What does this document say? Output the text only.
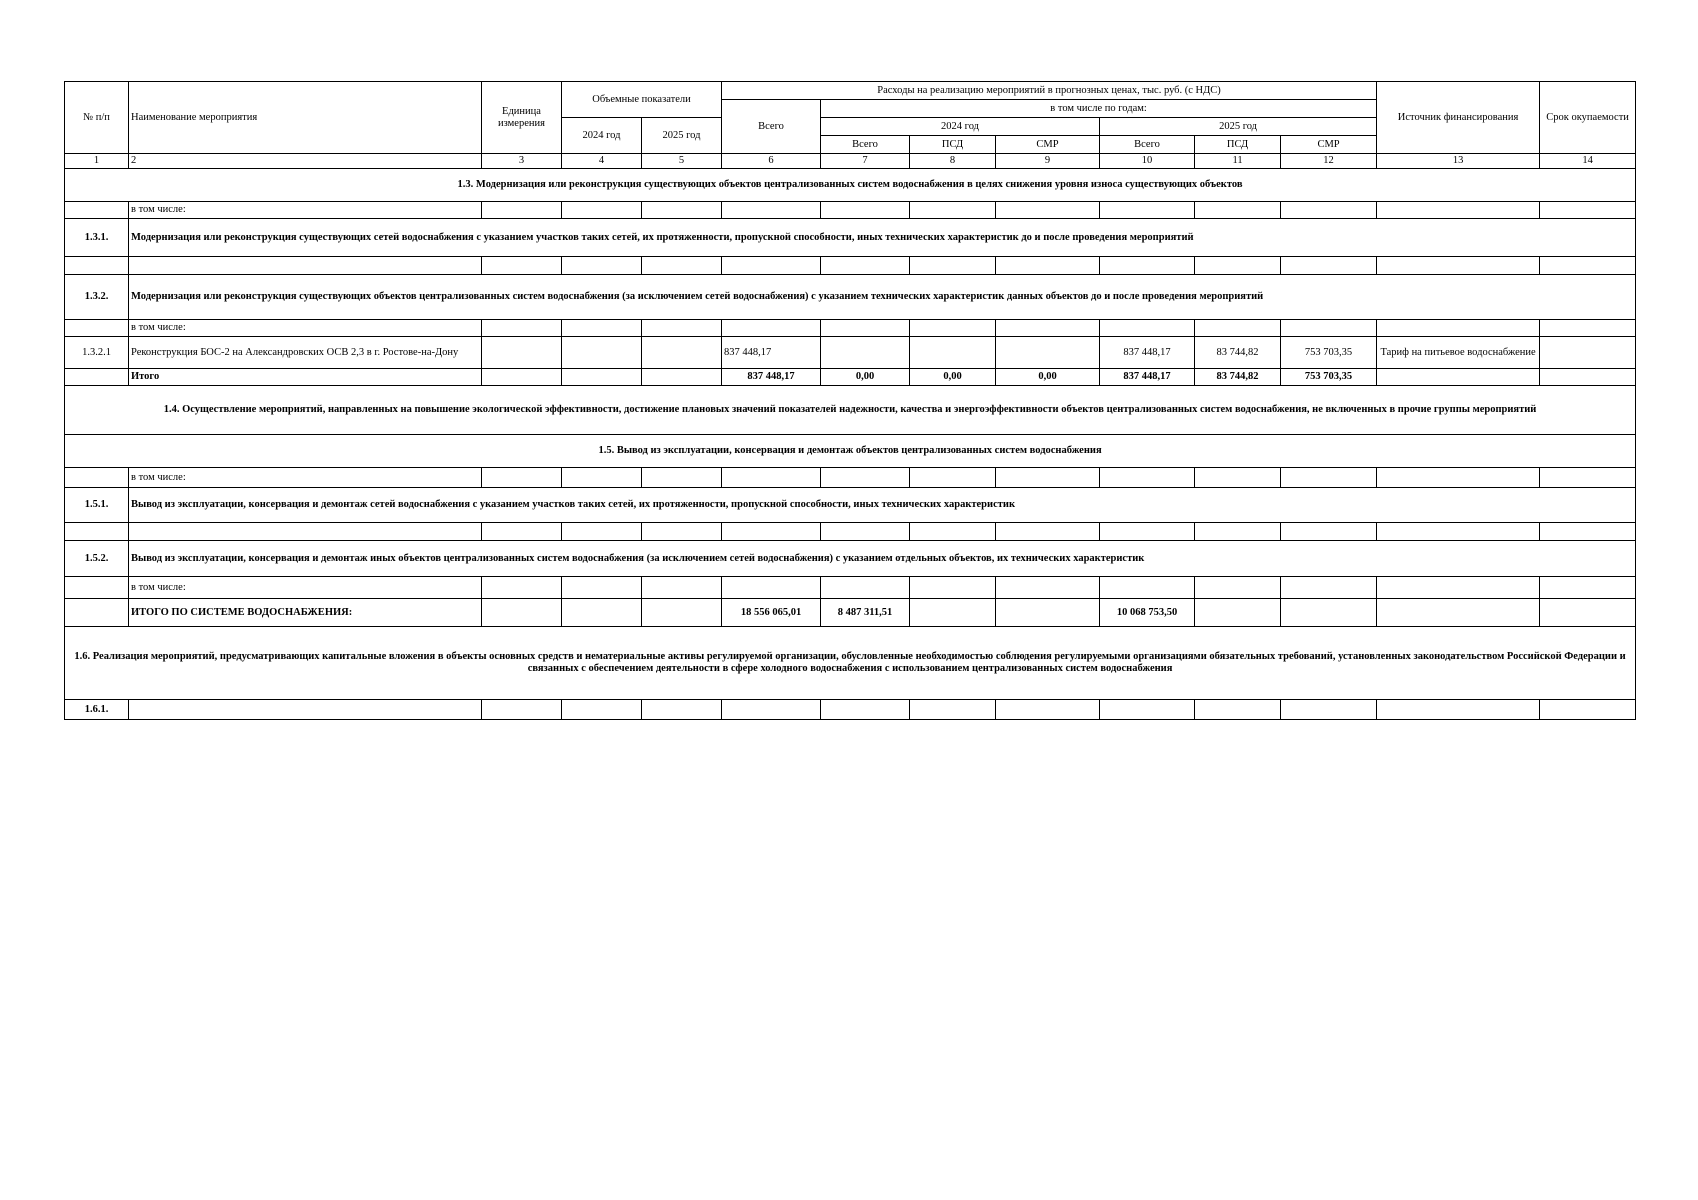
№ п/п	Наименование мероприятия	Единица измерения	Объемные показатели		Расходы на реализацию мероприятий в прогнозных ценах, тыс. руб. (с НДС)							Источник финансирования	Срок окупаемости
					Всего	в том числе по годам:							
			2024 год	2025 год		2024 год			2025 год				
						Всего	ПСД	СМР	Всего	ПСД	СМР		
1	2	3	4	5	6	7	8	9	10	11	12	13	14
1.3. Модернизация или реконструкция существующих объектов централизованных систем водоснабжения в целях снижения уровня износа существующих объектов													
	в том числе:												
1.3.1.	Модернизация или реконструкция существующих сетей водоснабжения с указанием участков таких сетей, их протяженности, пропускной способности, иных технических характеристик до и после проведения мероприятий												

1.3.2.	Модернизация или реконструкция существующих объектов централизованных систем водоснабжения (за исключением сетей водоснабжения) с указанием технических характеристик данных объектов до и после проведения мероприятий												
	в том числе:												
1.3.2.1	Реконструкция БОС-2 на Александровских ОСВ 2,3 в г. Ростове-на-Дону				837 448,17				837 448,17	83 744,82	753 703,35	Тариф на питьевое водоснабжение	
	Итого				837 448,17	0,00	0,00	0,00	837 448,17	83 744,82	753 703,35		
1.4. Осуществление мероприятий, направленных на повышение экологической эффективности, достижение плановых значений показателей надежности, качества и энергоэффективности объектов централизованных систем водоснабжения, не включенных в прочие группы мероприятий													
1.5. Вывод из эксплуатации, консервация и демонтаж объектов централизованных систем водоснабжения													
	в том числе:												
1.5.1.	Вывод из эксплуатации, консервация и демонтаж сетей водоснабжения с указанием участков таких сетей, их протяженности, пропускной способности, иных технических характеристик												

1.5.2.	Вывод из эксплуатации, консервация и демонтаж иных объектов централизованных систем водоснабжения (за исключением сетей водоснабжения) с указанием отдельных объектов, их технических характеристик												
	в том числе:												
	ИТОГО ПО СИСТЕМЕ ВОДОСНАБЖЕНИЯ:				18 556 065,01	8 487 311,51			10 068 753,50				
1.6. Реализация мероприятий, предусматривающих капитальные вложения в объекты основных средств и нематериальные активы регулируемой организации, обусловленные необходимостью соблюдения регулируемыми организациями обязательных требований, установленных законодательством Российской Федерации и связанных с обеспечением деятельности в сфере холодного водоснабжения с использованием централизованных систем водоснабжения													
1.6.1.													
